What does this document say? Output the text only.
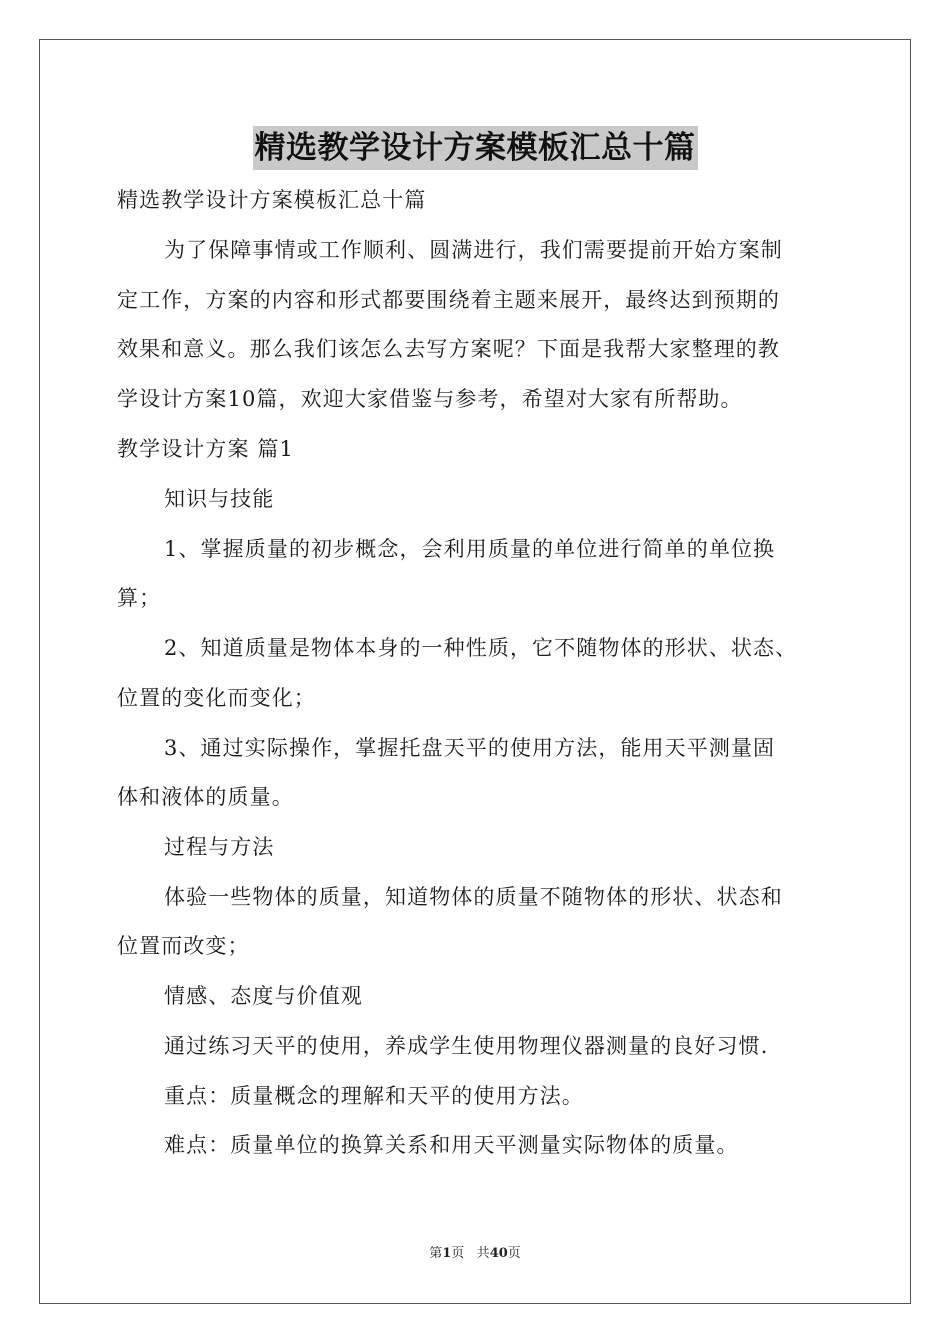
精选教学设计方案模板汇总十篇
精选教学设计方案模板汇总十篇
为了保障事情或工作顺利、圆满进行，我们需要提前开始方案制
定工作，方案的内容和形式都要围绕着主题来展开，最终达到预期的
效果和意义。那么我们该怎么去写方案呢？下面是我帮大家整理的教
学设计方案10篇，欢迎大家借鉴与参考，希望对大家有所帮助。
教学设计方案 篇1
知识与技能
1、掌握质量的初步概念，会利用质量的单位进行简单的单位换
算；
2、知道质量是物体本身的一种性质，它不随物体的形状、状态、
位置的变化而变化；
3、通过实际操作，掌握托盘天平的使用方法，能用天平测量固
体和液体的质量。
过程与方法
体验一些物体的质量，知道物体的质量不随物体的形状、状态和
位置而改变；
情感、态度与价值观
通过练习天平的使用，养成学生使用物理仪器测量的良好习惯.
重点：质量概念的理解和天平的使用方法。
难点：质量单位的换算关系和用天平测量实际物体的质量。
第1页 共40页
